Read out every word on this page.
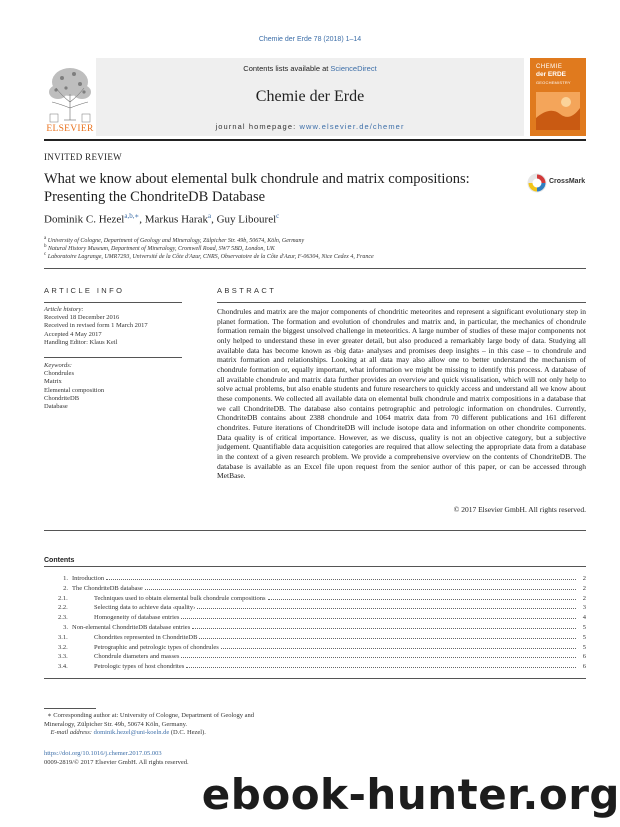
Chemie der Erde 78 (2018) 1–14
Contents lists available at ScienceDirect
Chemie der Erde
journal homepage: www.elsevier.de/chemer
ELSEVIER
CHEMIE
der ERDE
GEOCHEMISTRY
INVITED REVIEW
What we know about elemental bulk chondrule and matrix compositions: Presenting the ChondriteDB Database
CrossMark
Dominik C. Hezel$^{a,b,∗}$, Markus Harak$^a$, Guy Libourel$^c$
$^a$ University of Cologne, Department of Geology and Mineralogy, Zülpicher Str. 49b, 50674, Köln, Germany
$^b$ Natural History Museum, Department of Mineralogy, Cromwell Road, SW7 5BD, London, UK
$^c$ Laboratoire Lagrange, UMR7293, Université de la Côte d'Azur, CNRS, Observatoire de la Côte d'Azur, F-06304, Nice Cedex 4, France
ARTICLE INFO
Article history:
Received 18 December 2016
Received in revised form 1 March 2017
Accepted 4 May 2017
Handling Editor: Klaus Keil
Keywords:
Chondrules
Matrix
Elemental composition
ChondriteDB
Database
ABSTRACT
Chondrules and matrix are the major components of chondritic meteorites and represent a significant evolutionary step in planet formation. The formation and evolution of chondrules and matrix and, in particular, the mechanics of chondrule formation remain the biggest unsolved challenge in meteoritics. A large number of studies of these major components not only helped to understand these in ever greater detail, but also produced a remarkably large body of data. Studying all available data has become known as ‹big data› analyses and promises deep insights – in this case – to chondrule and matrix formation and relationships. Looking at all data may also allow one to better understand the mechanism of chondrule formation or, equally important, what information we might be missing to identify this process. A database of all available chondrule and matrix data further provides an overview and quick visualisation, which will not only help to solve actual problems, but also enable students and future researchers to quickly access and understand all we know about these components. We collected all available data on elemental bulk chondrule and matrix compositions in a database that we call ChondriteDB. The database also contains petrographic and petrologic information on chondrules. Currently, ChondriteDB contains about 2388 chondrule and 1064 matrix data from 70 different publications and 161 different chondrites. Future iterations of ChondriteDB will include isotope data and information on other chondrite components. Data quality is of critical importance. However, as we discuss, quality is not an objective category, but a subjective judgement. Quantifiable data acquisition categories are required that allow selecting the appropriate data from a database in the context of a given research problem. We provide a comprehensive overview on the contents of ChondriteDB. The database is available as an Excel file upon request from the senior author of this paper, or can be accessed through MetBase.
© 2017 Elsevier GmbH. All rights reserved.
Contents
1. Introduction	2
2. The ChondriteDB database	2
2.1.	Techniques used to obtain elemental bulk chondrule compositions	2
2.2.	Selecting data to achieve data ‹quality›	3
2.3.	Homogeneity of database entries	4
3. Non-elemental ChondriteDB database entries	5
3.1.	Chondrites represented in ChondriteDB	5
3.2.	Petrographic and petrologic types of chondrules	5
3.3.	Chondrule diameters and masses	6
3.4.	Petrologic types of host chondrites	6
∗ Corresponding author at: University of Cologne, Department of Geology and
Mineralogy, Zülpicher Str. 49b, 50674 Köln, Germany.
E-mail address: dominik.hezel@uni-koeln.de (D.C. Hezel).
https://doi.org/10.1016/j.chemer.2017.05.003
0009-2819/© 2017 Elsevier GmbH. All rights reserved.
ebook-hunter.org
